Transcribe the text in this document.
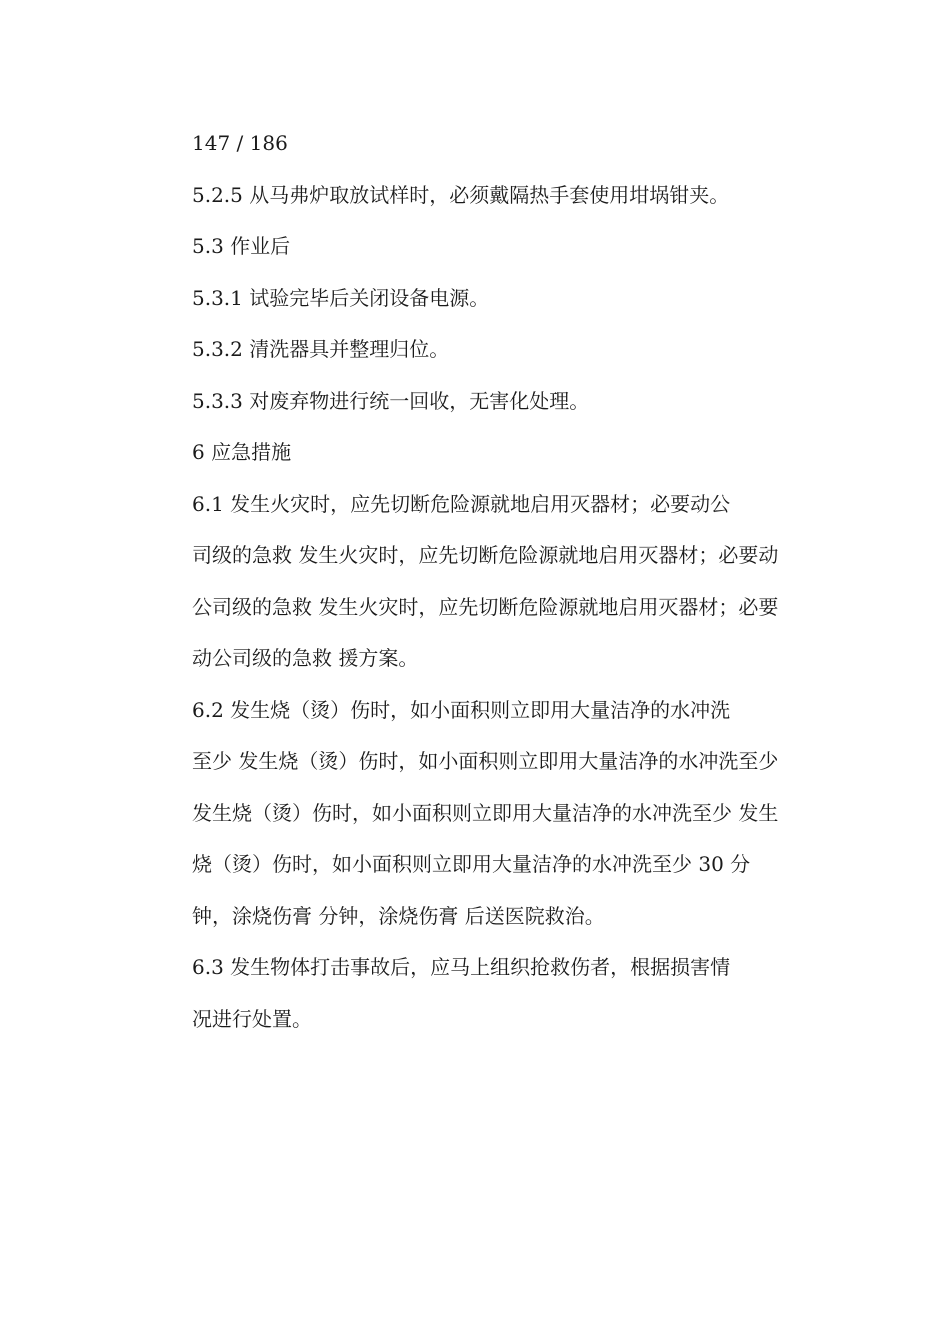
147 / 186

5.2.5 从马弗炉取放试样时，必须戴隔热手套使用坩埚钳夹。

5.3 作业后

5.3.1 试验完毕后关闭设备电源。

5.3.2 清洗器具并整理归位。

5.3.3 对废弃物进行统一回收，无害化处理。

6 应急措施

6.1 发生火灾时，应先切断危险源就地启用灭器材；必要动公
司级的急救 发生火灾时，应先切断危险源就地启用灭器材；必要动
公司级的急救 发生火灾时，应先切断危险源就地启用灭器材；必要
动公司级的急救 援方案。

6.2 发生烧（烫）伤时，如小面积则立即用大量洁净的水冲洗
至少 发生烧（烫）伤时，如小面积则立即用大量洁净的水冲洗至少
发生烧（烫）伤时，如小面积则立即用大量洁净的水冲洗至少 发生
烧（烫）伤时，如小面积则立即用大量洁净的水冲洗至少 30 分
钟，涂烧伤膏 分钟，涂烧伤膏 后送医院救治。

6.3 发生物体打击事故后，应马上组织抢救伤者，根据损害情
况进行处置。
